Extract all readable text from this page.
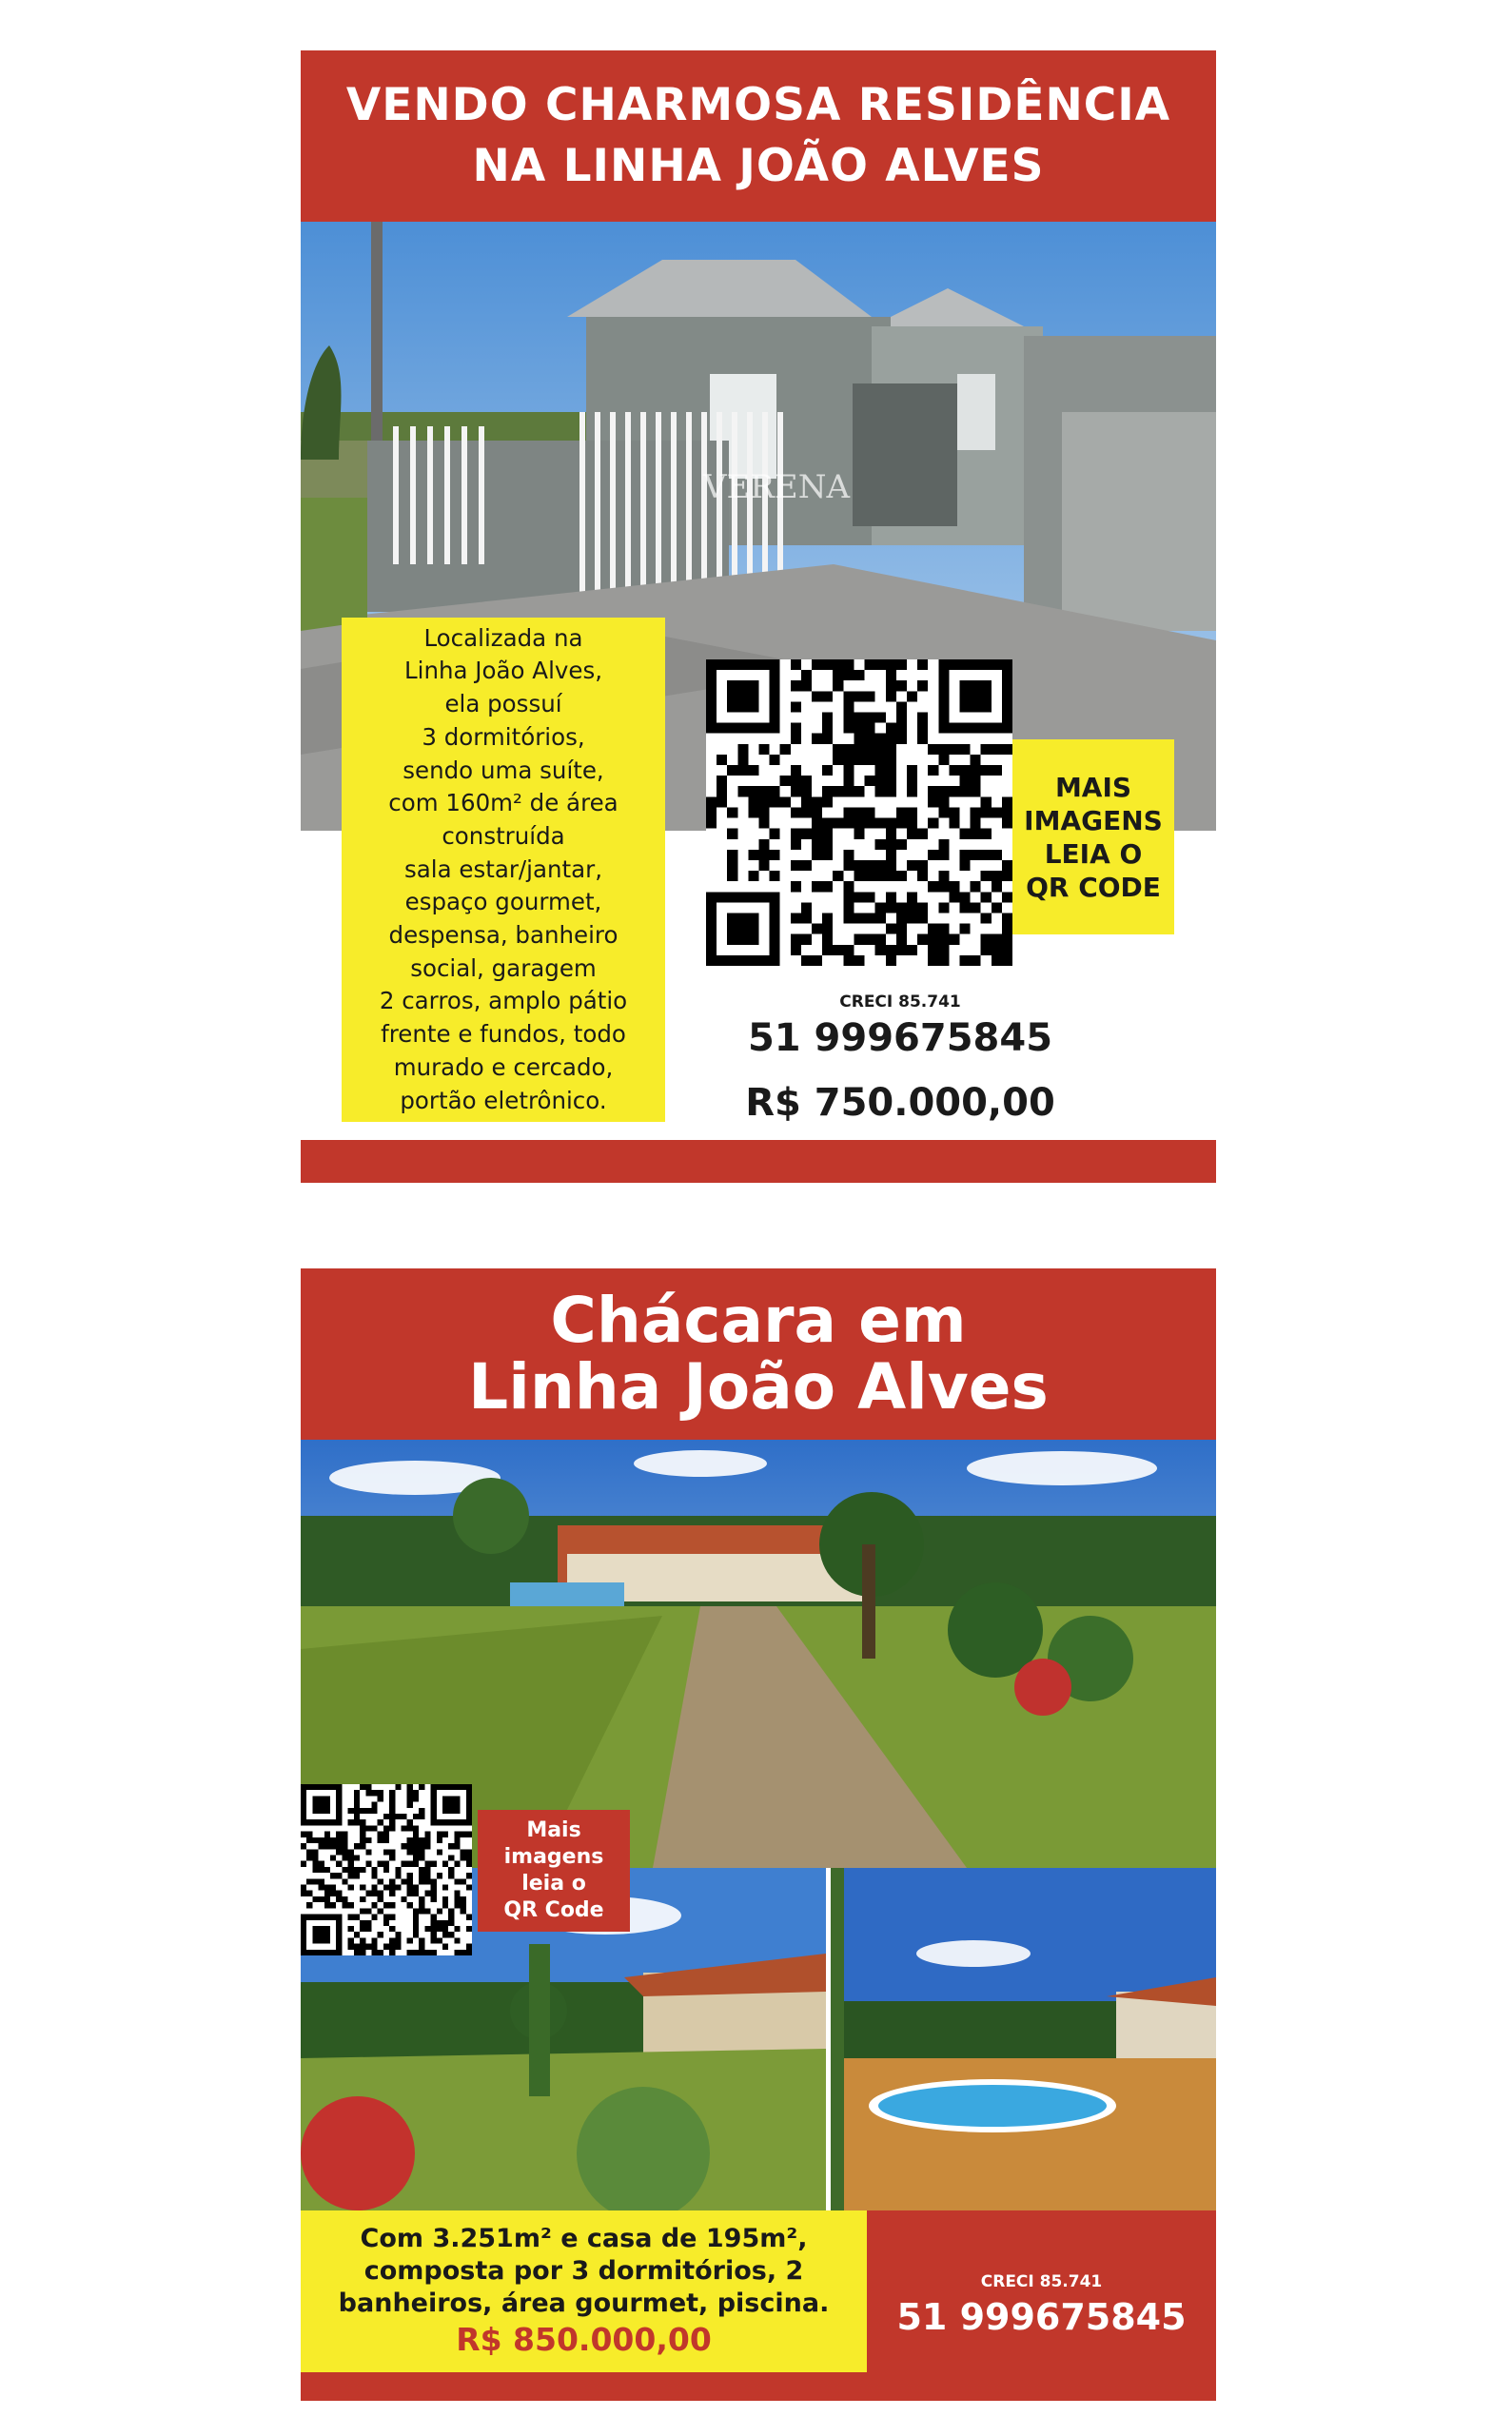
VENDO CHARMOSA RESIDÊNCIA
NA LINHA JOÃO ALVES
VERENA
Localizada na
Linha João Alves,
ela possuí
3 dormitórios,
sendo uma suíte,
com 160m² de área
construída
sala estar/jantar,
espaço gourmet,
despensa, banheiro
social, garagem
2 carros, amplo pátio
frente e fundos, todo
murado e cercado,
portão eletrônico.
MAIS
IMAGENS
LEIA O
QR CODE
CRECI 85.741
51 999675845
R$ 750.000,00
Chácara em
Linha João Alves
Mais
imagens
leia o
QR Code
Com 3.251m² e casa de 195m²,
composta por 3 dormitórios, 2
banheiros, área gourmet, piscina.
R$ 850.000,00
CRECI 85.741
51 999675845
